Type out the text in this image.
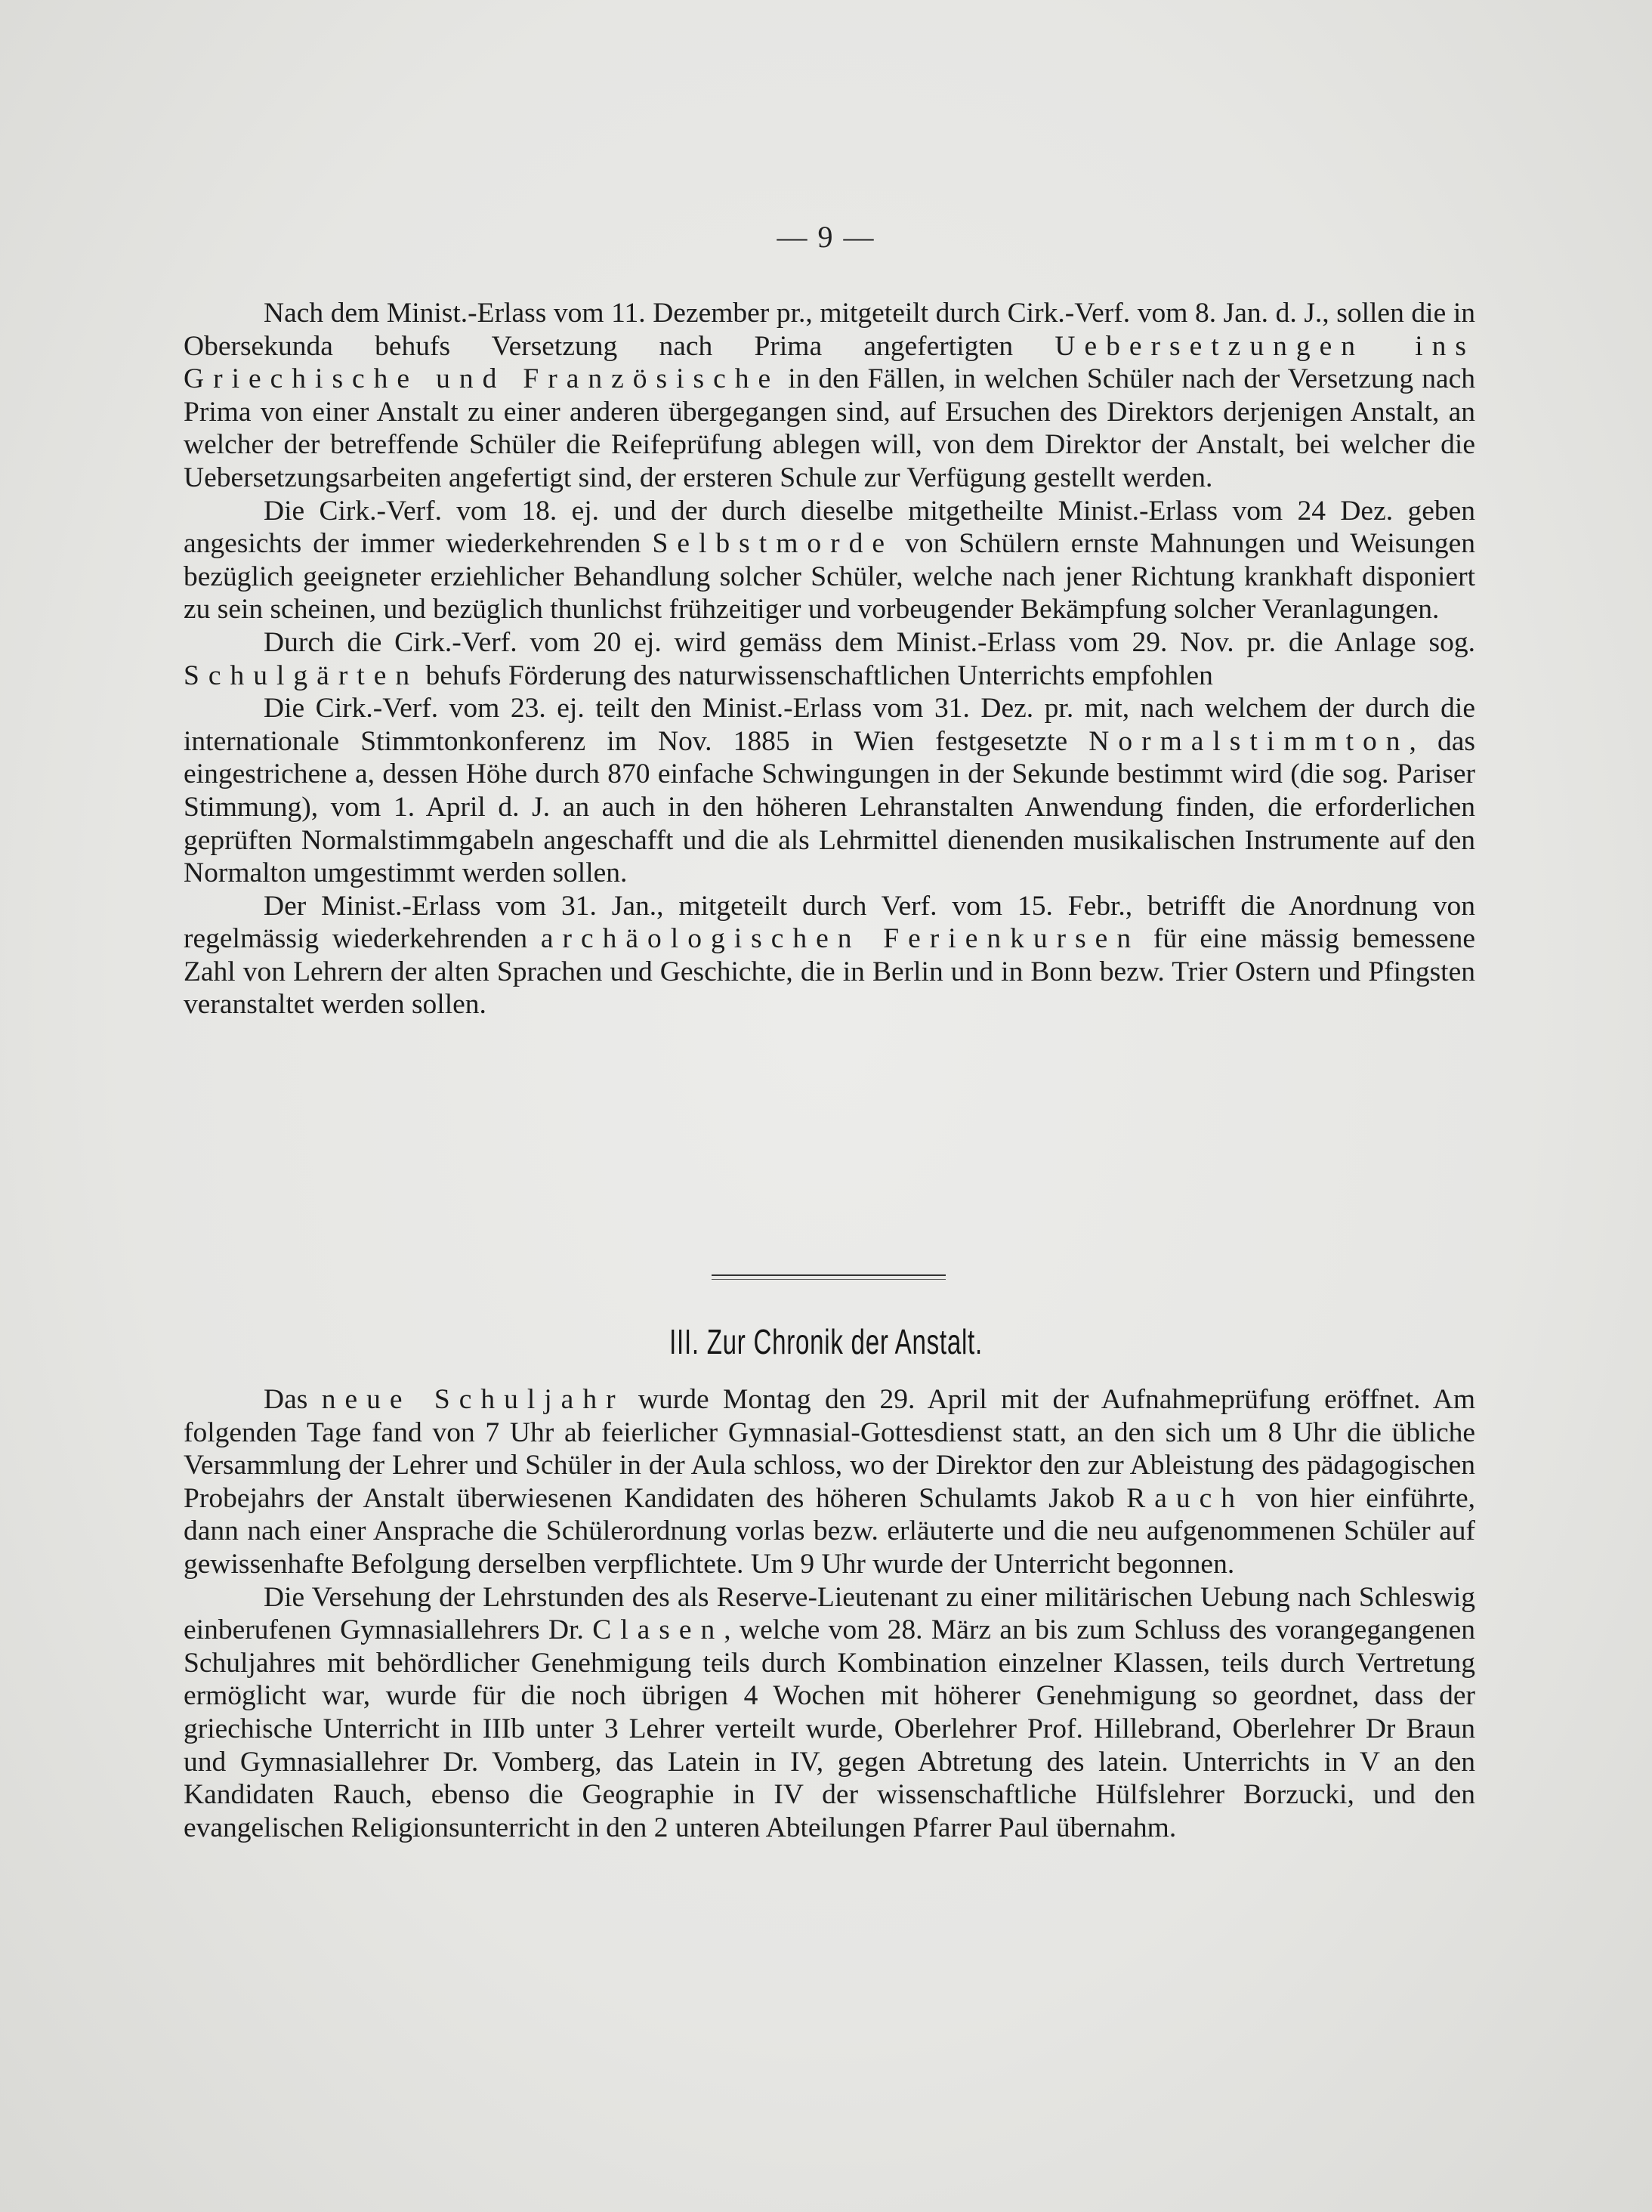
— 9 —

Nach dem Minist.-Erlass vom 11. Dezember pr., mitgeteilt durch Cirk.-Verf. vom 8. Jan. d. J., sollen die in Obersekunda behufs Versetzung nach Prima angefertigten Uebersetzungen ins Griechische und Französische in den Fällen, in welchen Schüler nach der Versetzung nach Prima von einer Anstalt zu einer anderen übergegangen sind, auf Ersuchen des Direktors derjenigen Anstalt, an welcher der betreffende Schüler die Reifeprüfung ablegen will, von dem Direktor der Anstalt, bei welcher die Uebersetzungsarbeiten angefertigt sind, der ersteren Schule zur Verfügung gestellt werden.

Die Cirk.-Verf. vom 18. ej. und der durch dieselbe mitgetheilte Minist.-Erlass vom 24 Dez. geben angesichts der immer wiederkehrenden Selbstmorde von Schülern ernste Mahnungen und Weisungen bezüglich geeigneter erziehlicher Behandlung solcher Schüler, welche nach jener Richtung krankhaft disponiert zu sein scheinen, und bezüglich thunlichst frühzeitiger und vorbeugender Bekämpfung solcher Veranlagungen.

Durch die Cirk.-Verf. vom 20 ej. wird gemäss dem Minist.-Erlass vom 29. Nov. pr. die Anlage sog. Schulgärten behufs Förderung des naturwissenschaftlichen Unterrichts empfohlen

Die Cirk.-Verf. vom 23. ej. teilt den Minist.-Erlass vom 31. Dez. pr. mit, nach welchem der durch die internationale Stimmtonkonferenz im Nov. 1885 in Wien festgesetzte Normalstimmton, das eingestrichene a, dessen Höhe durch 870 einfache Schwingungen in der Sekunde bestimmt wird (die sog. Pariser Stimmung), vom 1. April d. J. an auch in den höheren Lehranstalten Anwendung finden, die erforderlichen geprüften Normalstimmgabeln angeschafft und die als Lehrmittel dienenden musikalischen Instrumente auf den Normalton umgestimmt werden sollen.

Der Minist.-Erlass vom 31. Jan., mitgeteilt durch Verf. vom 15. Febr., betrifft die Anordnung von regelmässig wiederkehrenden archäologischen Ferienkursen für eine mässig bemessene Zahl von Lehrern der alten Sprachen und Geschichte, die in Berlin und in Bonn bezw. Trier Ostern und Pfingsten veranstaltet werden sollen.

III. Zur Chronik der Anstalt.

Das neue Schuljahr wurde Montag den 29. April mit der Aufnahmeprüfung eröffnet. Am folgenden Tage fand von 7 Uhr ab feierlicher Gymnasial-Gottesdienst statt, an den sich um 8 Uhr die übliche Versammlung der Lehrer und Schüler in der Aula schloss, wo der Direktor den zur Ableistung des pädagogischen Probejahrs der Anstalt überwiesenen Kandidaten des höheren Schulamts Jakob Rauch von hier einführte, dann nach einer Ansprache die Schülerordnung vorlas bezw. erläuterte und die neu aufgenommenen Schüler auf gewissenhafte Befolgung derselben verpflichtete. Um 9 Uhr wurde der Unterricht begonnen.

Die Versehung der Lehrstunden des als Reserve-Lieutenant zu einer militärischen Uebung nach Schleswig einberufenen Gymnasiallehrers Dr. Clasen, welche vom 28. März an bis zum Schluss des vorangegangenen Schuljahres mit behördlicher Genehmigung teils durch Kombination einzelner Klassen, teils durch Vertretung ermöglicht war, wurde für die noch übrigen 4 Wochen mit höherer Genehmigung so geordnet, dass der griechische Unterricht in IIIb unter 3 Lehrer verteilt wurde, Oberlehrer Prof. Hillebrand, Oberlehrer Dr Braun und Gymnasiallehrer Dr. Vomberg, das Latein in IV, gegen Abtretung des latein. Unterrichts in V an den Kandidaten Rauch, ebenso die Geographie in IV der wissenschaftliche Hülfslehrer Borzucki, und den evangelischen Religionsunterricht in den 2 unteren Abteilungen Pfarrer Paul übernahm.
